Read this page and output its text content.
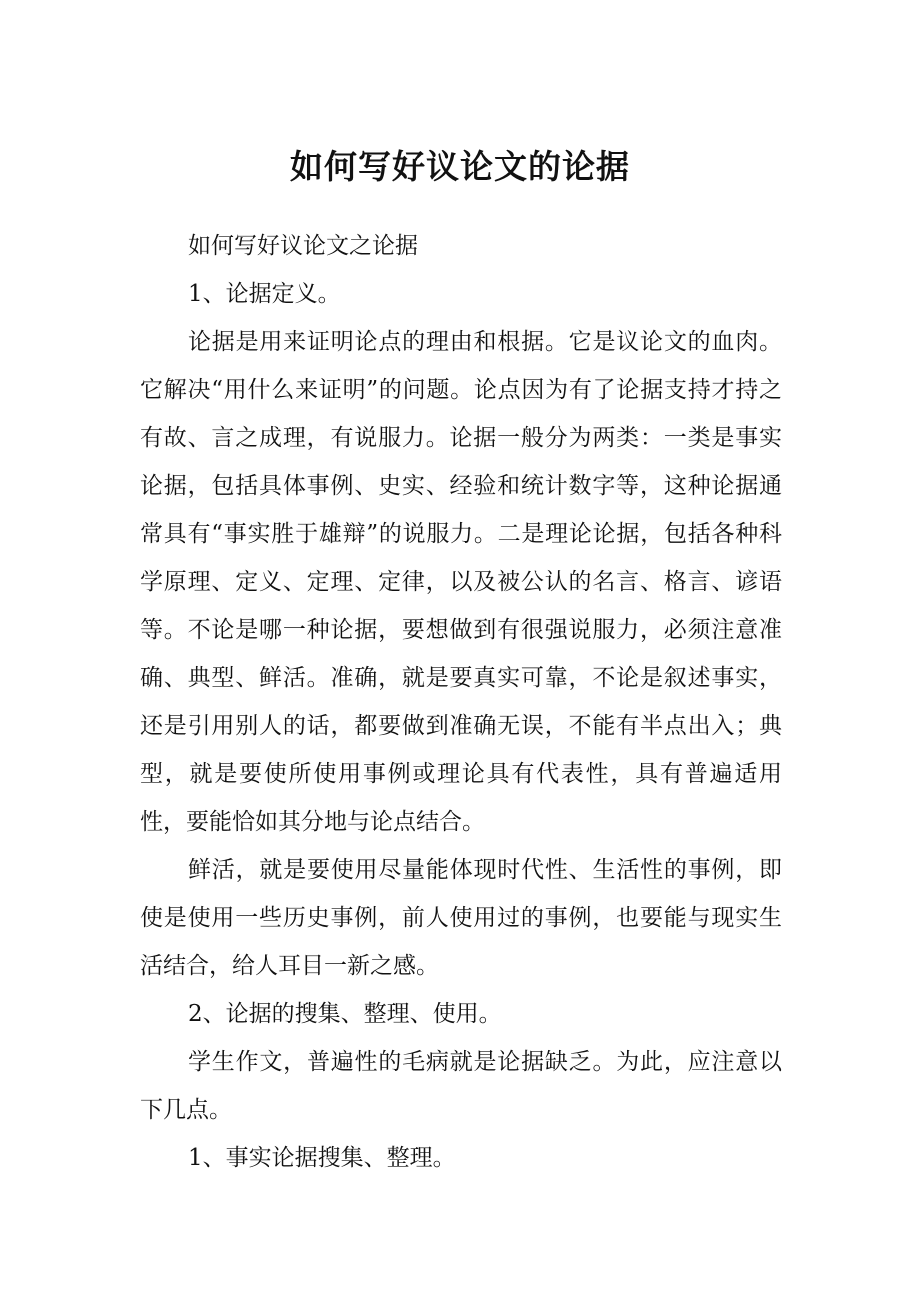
如何写好议论文的论据

如何写好议论文之论据

1、论据定义。

论据是用来证明论点的理由和根据。它是议论文的血肉。它解决“用什么来证明”的问题。论点因为有了论据支持才持之有故、言之成理，有说服力。论据一般分为两类：一类是事实论据，包括具体事例、史实、经验和统计数字等，这种论据通常具有“事实胜于雄辩”的说服力。二是理论论据，包括各种科学原理、定义、定理、定律，以及被公认的名言、格言、谚语等。不论是哪一种论据，要想做到有很强说服力，必须注意准确、典型、鲜活。准确，就是要真实可靠，不论是叙述事实，还是引用别人的话，都要做到准确无误，不能有半点出入；典型，就是要使所使用事例或理论具有代表性，具有普遍适用性，要能恰如其分地与论点结合。

鲜活，就是要使用尽量能体现时代性、生活性的事例，即使是使用一些历史事例，前人使用过的事例，也要能与现实生活结合，给人耳目一新之感。

2、论据的搜集、整理、使用。

学生作文，普遍性的毛病就是论据缺乏。为此，应注意以下几点。

1、事实论据搜集、整理。
